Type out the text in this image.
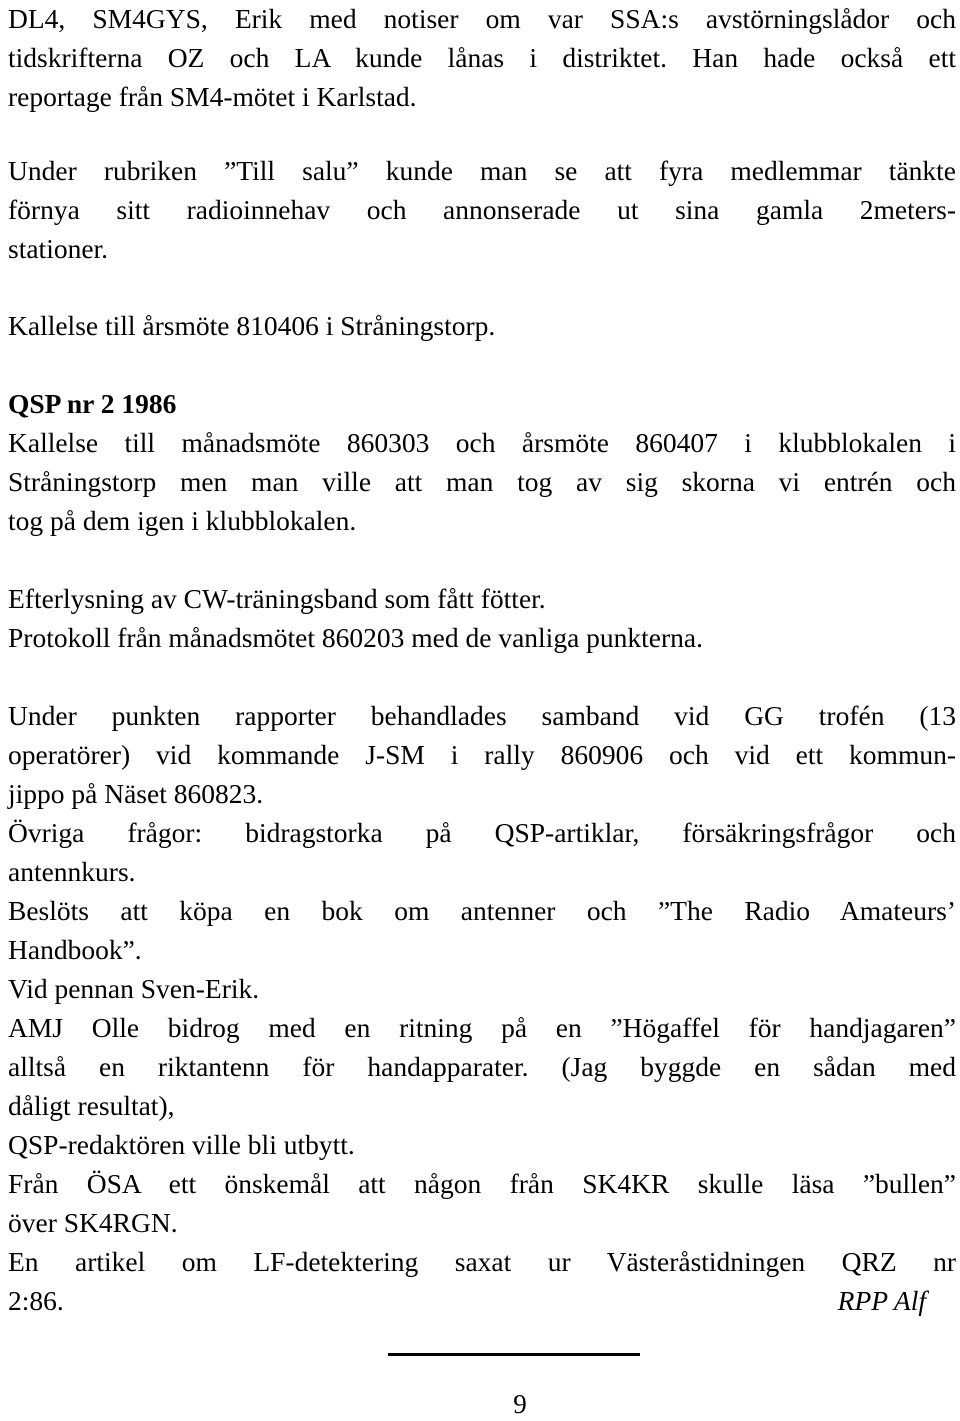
DL4, SM4GYS, Erik med notiser om var SSA:s avstörningslådor och
tidskrifterna OZ och LA kunde lånas i distriktet. Han hade också ett
reportage från SM4-mötet i Karlstad.
Under rubriken ”Till salu” kunde man se att fyra medlemmar tänkte
förnya sitt radioinnehav och annonserade ut sina gamla 2meters-
stationer.
Kallelse till årsmöte 810406 i Stråningstorp.
QSP nr 2 1986
Kallelse till månadsmöte 860303 och årsmöte 860407 i klubblokalen i
Stråningstorp men man ville att man tog av sig skorna vi entrén och
tog på dem igen i klubblokalen.
Efterlysning av CW-träningsband som fått fötter.
Protokoll från månadsmötet 860203 med de vanliga punkterna.
Under punkten rapporter behandlades samband vid GG trofén (13
operatörer) vid kommande J-SM i rally 860906 och vid ett kommun-
jippo på Näset 860823.
Övriga frågor: bidragstorka på QSP-artiklar, försäkringsfrågor och
antennkurs.
Beslöts att köpa en bok om antenner och ”The Radio Amateurs’
Handbook”.
Vid pennan Sven-Erik.
AMJ Olle bidrog med en ritning på en ”Högaffel för handjagaren”
alltså en riktantenn för handapparater. (Jag byggde en sådan med
dåligt resultat),
QSP-redaktören ville bli utbytt.
Från ÖSA ett önskemål att någon från SK4KR skulle läsa ”bullen”
över SK4RGN.
En artikel om LF-detektering saxat ur Västeråstidningen QRZ nr
2:86.	RPP Alf
9
